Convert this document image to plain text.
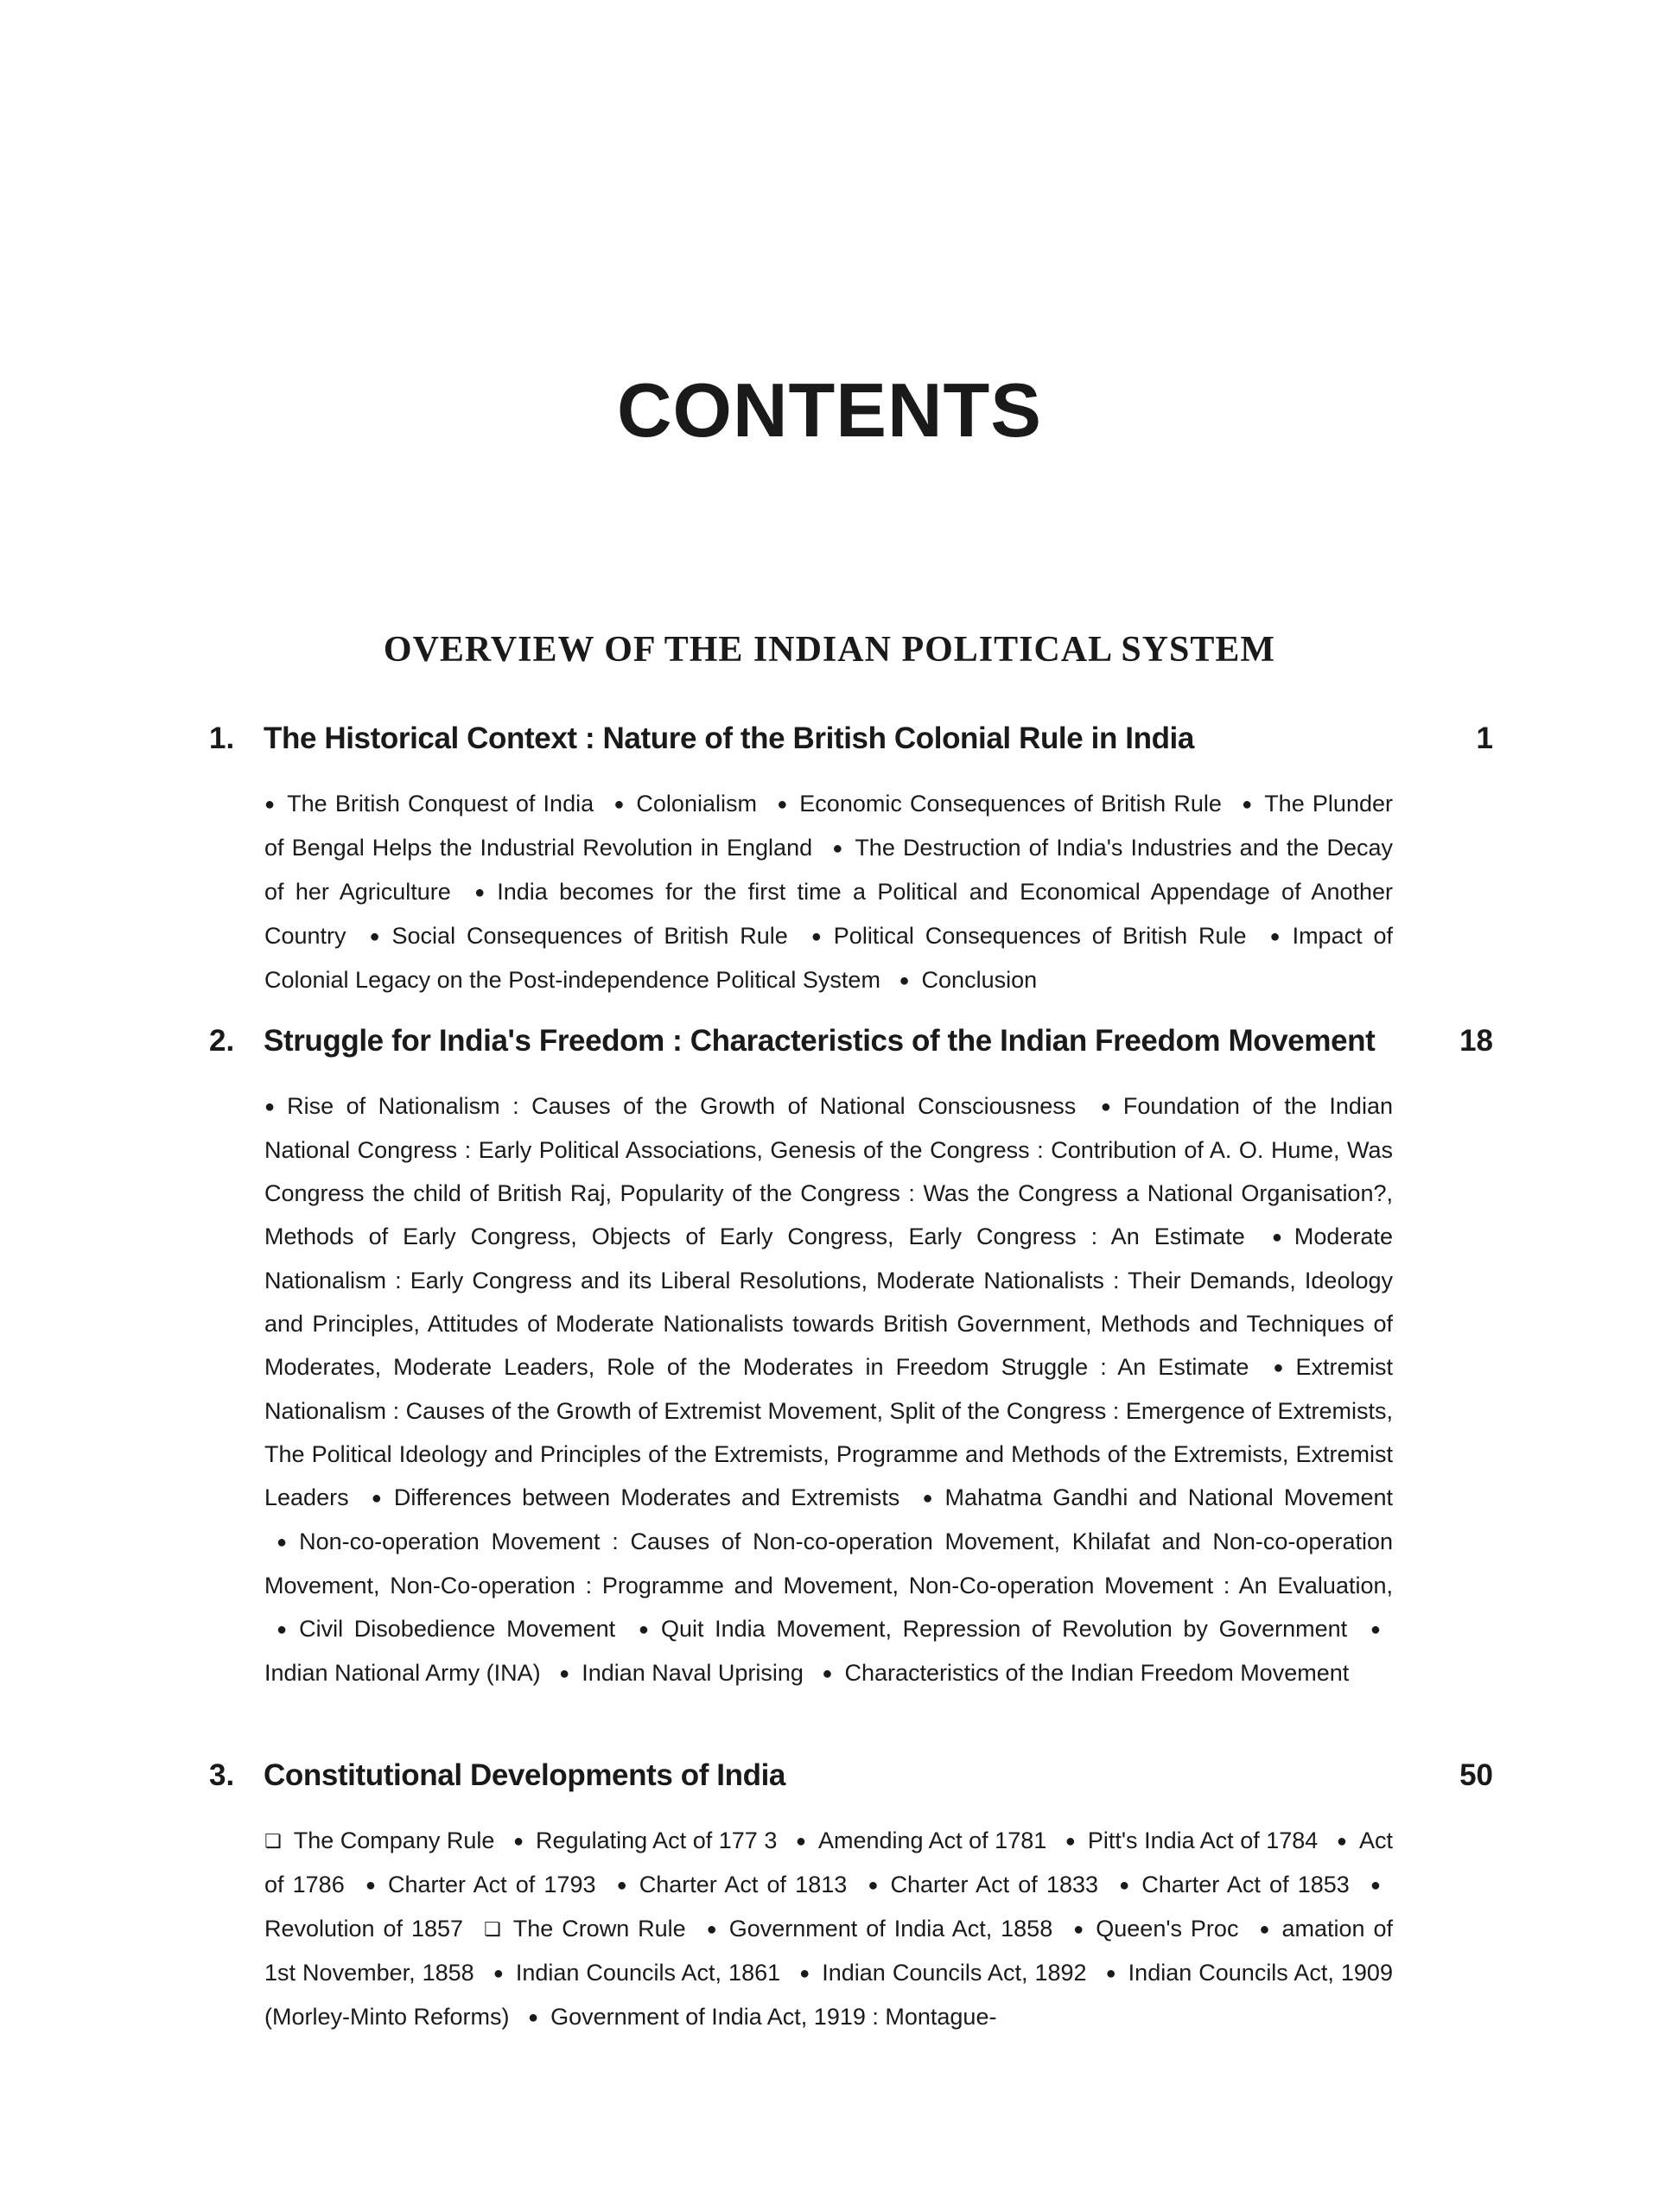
CONTENTS
OVERVIEW OF THE INDIAN POLITICAL SYSTEM
1. The Historical Context : Nature of the British Colonial Rule in India	1
● The British Conquest of India ● Colonialism ● Economic Consequences of British Rule ● The Plunder of Bengal Helps the Industrial Revolution in England ● The Destruction of India's Industries and the Decay of her Agriculture ● India becomes for the first time a Political and Economical Appendage of Another Country ● Social Consequences of British Rule ● Political Consequences of British Rule ● Impact of Colonial Legacy on the Post-independence Political System ● Conclusion
2. Struggle for India's Freedom : Characteristics of the Indian Freedom Movement	18
● Rise of Nationalism : Causes of the Growth of National Consciousness ● Foundation of the Indian National Congress : Early Political Associations, Genesis of the Congress : Contribution of A. O. Hume, Was Congress the child of British Raj, Popularity of the Congress : Was the Congress a National Organisation?, Methods of Early Congress, Objects of Early Congress, Early Congress : An Estimate ● Moderate Nationalism : Early Congress and its Liberal Resolutions, Moderate Nationalists : Their Demands, Ideology and Principles, Attitudes of Moderate Nationalists towards British Government, Methods and Techniques of Moderates, Moderate Leaders, Role of the Moderates in Freedom Struggle : An Estimate ● Extremist Nationalism : Causes of the Growth of Extremist Movement, Split of the Congress : Emergence of Extremists, The Political Ideology and Principles of the Extremists, Programme and Methods of the Extremists, Extremist Leaders ● Differences between Moderates and Extremists ● Mahatma Gandhi and National Movement ● Non-co-operation Movement : Causes of Non-co-operation Movement, Khilafat and Non-co-operation Movement, Non-Co-operation : Programme and Movement, Non-Co-operation Movement : An Evaluation, ● Civil Disobedience Movement ● Quit India Movement, Repression of Revolution by Government ●Indian National Army (INA) ● Indian Naval Uprising ● Characteristics of the Indian Freedom Movement
3. Constitutional Developments of India	50
❏ The Company Rule ● Regulating Act of 177 3 ● Amending Act of 1781 ● Pitt's India Act of 1784 ● Act of 1786 ● Charter Act of 1793 ● Charter Act of 1813 ● Charter Act of 1833 ● Charter Act of 1853 ●Revolution of 1857 ❏ The Crown Rule ● Government of India Act, 1858 ● Queen's Proc ● amation of 1st November, 1858 ● Indian Councils Act, 1861 ● Indian Councils Act, 1892 ● Indian Councils Act, 1909 (Morley-Minto Reforms) ● Government of India Act, 1919 : Montague-
